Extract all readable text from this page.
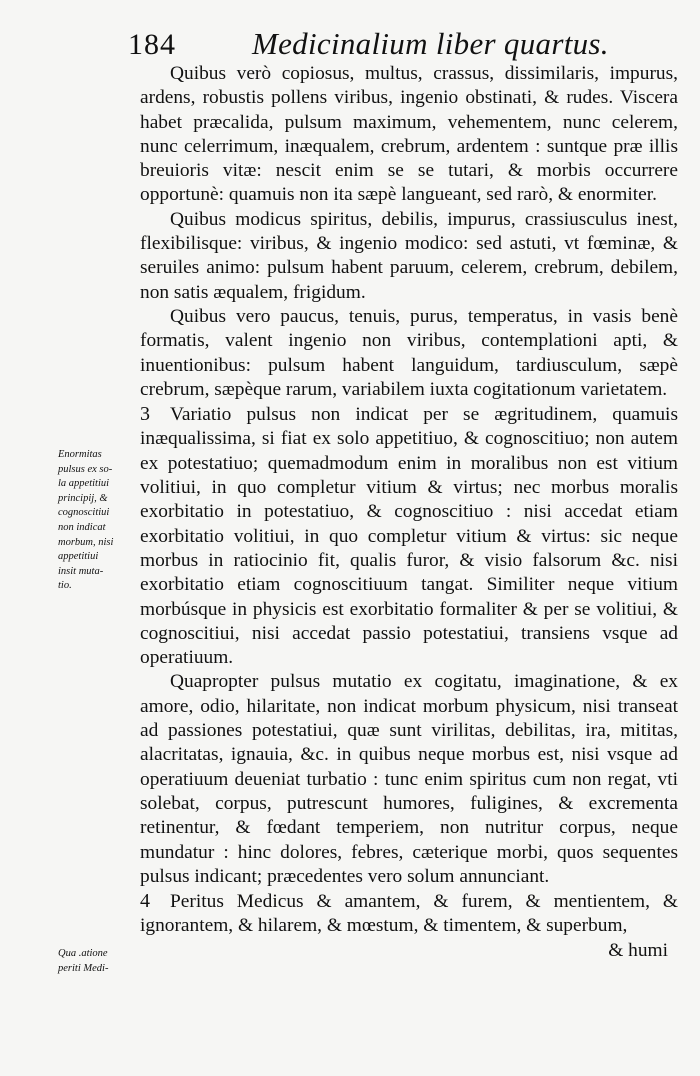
184 Medicinalium liber quartus.

Quibus verò copiosus, multus, crassus, dissimilaris, impurus, ardens, robustis pollens viribus, ingenio obstinati, & rudes. Viscera habet præcalida, pulsum maximum, vehementem, nunc celerem, nunc celerrimum, inæqualem, crebrum, ardentem : suntque præ illis breuioris vitæ: nescit enim se se tutari, & morbis occurrere opportunè: quamuis non ita sæpè langueant, sed rarò, & enormiter.

Quibus modicus spiritus, debilis, impurus, crassiusculus inest, flexibilisque: viribus, & ingenio modico: sed astuti, vt fœminæ, & seruiles animo: pulsum habent paruum, celerem, crebrum, debilem, non satis æqualem, frigidum.

Quibus vero paucus, tenuis, purus, temperatus, in vasis benè formatis, valent ingenio non viribus, contemplationi apti, & inuentionibus: pulsum habent languidum, tardiusculum, sæpè crebrum, sæpèque rarum, variabilem iuxta cogitationum varietatem.

3 Variatio pulsus non indicat per se ægritudinem, quamuis inæqualissima, si fiat ex solo appetitiuo, & cognoscitiuo; non autem ex potestatiuo; quemadmodum enim in moralibus non est vitium volitiui, in quo completur vitium & virtus; nec morbus moralis exorbitatio in potestatiuo, & cognoscitiuo : nisi accedat etiam exorbitatio volitiui, in quo completur vitium & virtus: sic neque morbus in ratiocinio fit, qualis furor, & visio falsorum &c. nisi exorbitatio etiam cognoscitiuum tangat. Similiter neque vitium morbúsque in physicis est exorbitatio formaliter & per se volitiui, & cognoscitiui, nisi accedat passio potestatiui, transiens vsque ad operatiuum.

Quapropter pulsus mutatio ex cogitatu, imaginatione, & ex amore, odio, hilaritate, non indicat morbum physicum, nisi transeat ad passiones potestatiui, quæ sunt virilitas, debilitas, ira, mititas, alacritatas, ignauia, &c. in quibus neque morbus est, nisi vsque ad operatiuum deueniat turbatio : tunc enim spiritus cum non regat, vti solebat, corpus, putrescunt humores, fuligines, & excrementa retinentur, & fœdant temperiem, non nutritur corpus, neque mundatur : hinc dolores, febres, cæterique morbi, quos sequentes pulsus indicant; præcedentes vero solum annunciant.

4 Peritus Medicus & amantem, & furem, & mentientem, & ignorantem, & hilarem, & mœstum, & timentem, & superbum,

& humi

Enormitas
pulsus ex so-
la appetitiui
principij, &
cognoscitiui
non indicat
morbum, nisi
appetitiui
insit muta-
tio.
Qua .atione
periti Medi-
